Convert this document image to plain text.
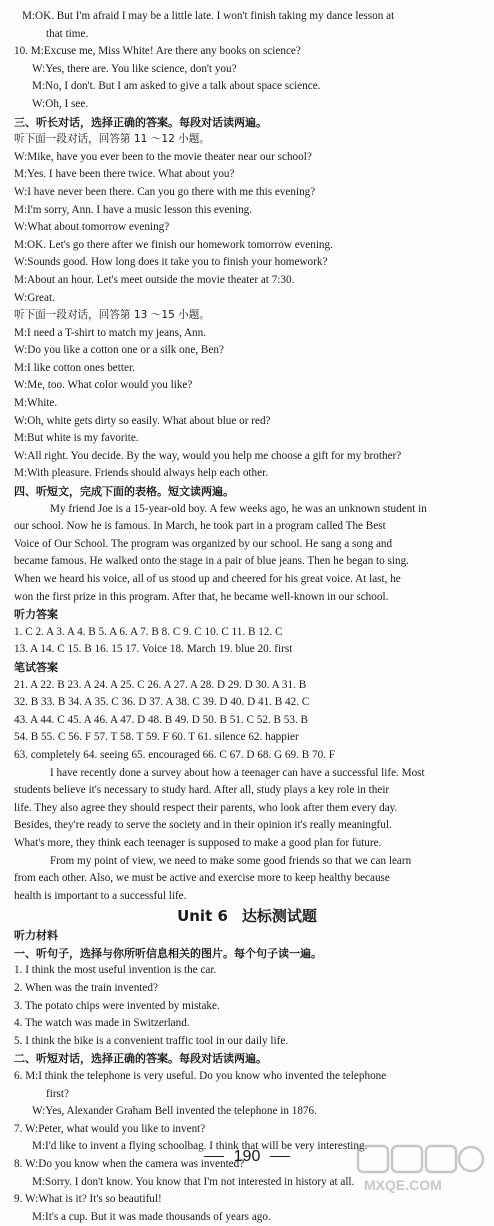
M:OK. But I'm afraid I may be a little late. I won't finish taking my dance lesson at
that time.
10. M:Excuse me, Miss White! Are there any books on science?
W:Yes, there are. You like science, don't you?
M:No, I don't. But I am asked to give a talk about space science.
W:Oh, I see.
三、听长对话，选择正确的答案。每段对话读两遍。
听下面一段对话，回答第 11 ～12 小题。
W:Mike, have you ever been to the movie theater near our school?
M:Yes. I have been there twice. What about you?
W:I have never been there. Can you go there with me this evening?
M:I'm sorry, Ann. I have a music lesson this evening.
W:What about tomorrow evening?
M:OK. Let's go there after we finish our homework tomorrow evening.
W:Sounds good. How long does it take you to finish your homework?
M:About an hour. Let's meet outside the movie theater at 7:30.
W:Great.
听下面一段对话，回答第 13 ～15 小题。
M:I need a T-shirt to match my jeans, Ann.
W:Do you like a cotton one or a silk one, Ben?
M:I like cotton ones better.
W:Me, too. What color would you like?
M:White.
W:Oh, white gets dirty so easily. What about blue or red?
M:But white is my favorite.
W:All right. You decide. By the way, would you help me choose a gift for my brother?
M:With pleasure. Friends should always help each other.
四、听短文，完成下面的表格。短文读两遍。
My friend Joe is a 15-year-old boy. A few weeks ago, he was an unknown student in
our school. Now he is famous. In March, he took part in a program called The Best
Voice of Our School. The program was organized by our school. He sang a song and
became famous. He walked onto the stage in a pair of blue jeans. Then he began to sing.
When we heard his voice, all of us stood up and cheered for his great voice. At last, he
won the first prize in this program. After that, he became well-known in our school.
听力答案
1. C 2. A 3. A 4. B 5. A 6. A 7. B 8. C 9. C 10. C 11. B 12. C
13. A 14. C 15. B 16. 15 17. Voice 18. March 19. blue 20. first
笔试答案
21. A 22. B 23. A 24. A 25. C 26. A 27. A 28. D 29. D 30. A 31. B
32. B 33. B 34. A 35. C 36. D 37. A 38. C 39. D 40. D 41. B 42. C
43. A 44. C 45. A 46. A 47. D 48. B 49. D 50. B 51. C 52. B 53. B
54. B 55. C 56. F 57. T 58. T 59. F 60. T 61. silence 62. happier
63. completely 64. seeing 65. encouraged 66. C 67. D 68. G 69. B 70. F
I have recently done a survey about how a teenager can have a successful life. Most
students believe it's necessary to study hard. After all, study plays a key role in their
life. They also agree they should respect their parents, who look after them every day.
Besides, they're ready to serve the society and in their opinion it's really meaningful.
What's more, they think each teenager is supposed to make a good plan for future.
From my point of view, we need to make some good friends so that we can learn
from each other. Also, we must be active and exercise more to keep healthy because
health is important to a successful life.
Unit 6 达标测试题
听力材料
一、听句子，选择与你所听信息相关的图片。每个句子读一遍。
1. I think the most useful invention is the car.
2. When was the train invented?
3. The potato chips were invented by mistake.
4. The watch was made in Switzerland.
5. I think the bike is a convenient traffic tool in our daily life.
二、听短对话，选择正确的答案。每段对话读两遍。
6. M:I think the telephone is very useful. Do you know who invented the telephone
first?
W:Yes, Alexander Graham Bell invented the telephone in 1876.
7. W:Peter, what would you like to invent?
M:I'd like to invent a flying schoolbag. I think that will be very interesting.
8. W:Do you know when the camera was invented?
M:Sorry. I don't know. You know that I'm not interested in history at all.
9. W:What is it? It's so beautiful!
M:It's a cup. But it was made thousands of years ago.
190
MXQE.COM
